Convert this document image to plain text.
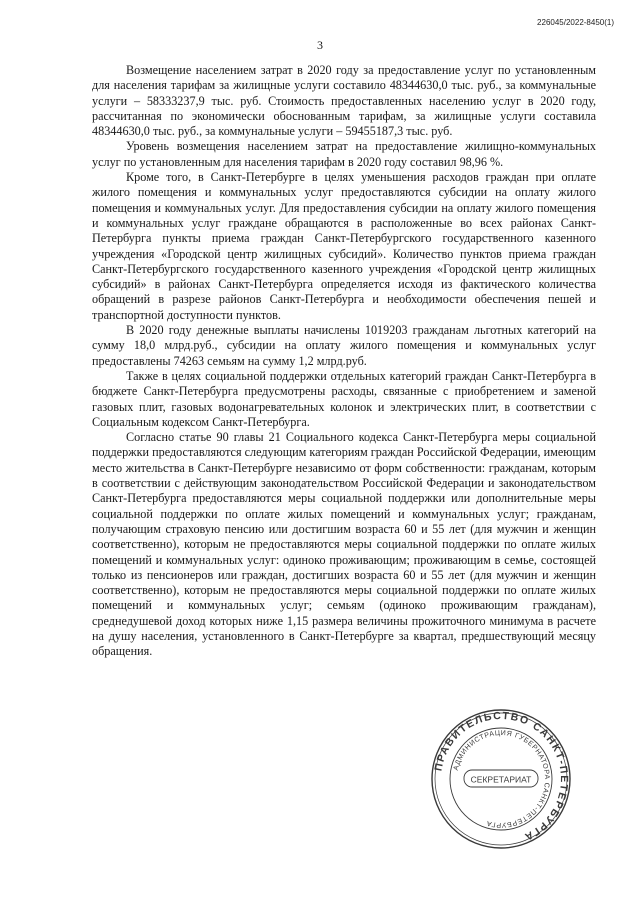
226045/2022-8450(1)
3

Возмещение населением затрат в 2020 году за предоставление услуг по установленным для населения тарифам за жилищные услуги составило 48344630,0 тыс. руб., за коммунальные услуги – 58333237,9 тыс. руб. Стоимость предоставленных населению услуг в 2020 году, рассчитанная по экономически обоснованным тарифам, за жилищные услуги составила 48344630,0 тыс. руб., за коммунальные услуги – 59455187,3 тыс. руб.

Уровень возмещения населением затрат на предоставление жилищно-коммунальных услуг по установленным для населения тарифам в 2020 году составил 98,96 %.

Кроме того, в Санкт-Петербурге в целях уменьшения расходов граждан при оплате жилого помещения и коммунальных услуг предоставляются субсидии на оплату жилого помещения и коммунальных услуг. Для предоставления субсидии на оплату жилого помещения и коммунальных услуг граждане обращаются в расположенные во всех районах Санкт-Петербурга пункты приема граждан Санкт-Петербургского государственного казенного учреждения «Городской центр жилищных субсидий». Количество пунктов приема граждан Санкт-Петербургского государственного казенного учреждения «Городской центр жилищных субсидий» в районах Санкт-Петербурга определяется исходя из фактического количества обращений в разрезе районов Санкт-Петербурга и необходимости обеспечения пешей и транспортной доступности пунктов.

В 2020 году денежные выплаты начислены 1019203 гражданам льготных категорий на сумму 18,0 млрд.руб., субсидии на оплату жилого помещения и коммунальных услуг предоставлены 74263 семьям на сумму 1,2 млрд.руб.

Также в целях социальной поддержки отдельных категорий граждан Санкт-Петербурга в бюджете Санкт-Петербурга предусмотрены расходы, связанные с приобретением и заменой газовых плит, газовых водонагревательных колонок и электрических плит, в соответствии с Социальным кодексом Санкт-Петербурга.

Согласно статье 90 главы 21 Социального кодекса Санкт-Петербурга меры социальной поддержки предоставляются следующим категориям граждан Российской Федерации, имеющим место жительства в Санкт-Петербурге независимо от форм собственности: гражданам, которым в соответствии с действующим законодательством Российской Федерации и законодательством Санкт-Петербурга предоставляются меры социальной поддержки или дополнительные меры социальной поддержки по оплате жилых помещений и коммунальных услуг; гражданам, получающим страховую пенсию или достигшим возраста 60 и 55 лет (для мужчин и женщин соответственно), которым не предоставляются меры социальной поддержки по оплате жилых помещений и коммунальных услуг: одиноко проживающим; проживающим в семье, состоящей только из пенсионеров или граждан, достигших возраста 60 и 55 лет (для мужчин и женщин соответственно), которым не предоставляются меры социальной поддержки по оплате жилых помещений и коммунальных услуг; семьям (одиноко проживающим гражданам), среднедушевой доход которых ниже 1,15 размера величины прожиточного минимума в расчете на душу населения, установленного в Санкт-Петербурге за квартал, предшествующий месяцу обращения.

ПРАВИТЕЛЬСТВО САНКТ-ПЕТЕРБУРГА
АДМИНИСТРАЦИЯ ГУБЕРНАТОРА САНКТ-ПЕТЕРБУРГА
СЕКРЕТАРИАТ
